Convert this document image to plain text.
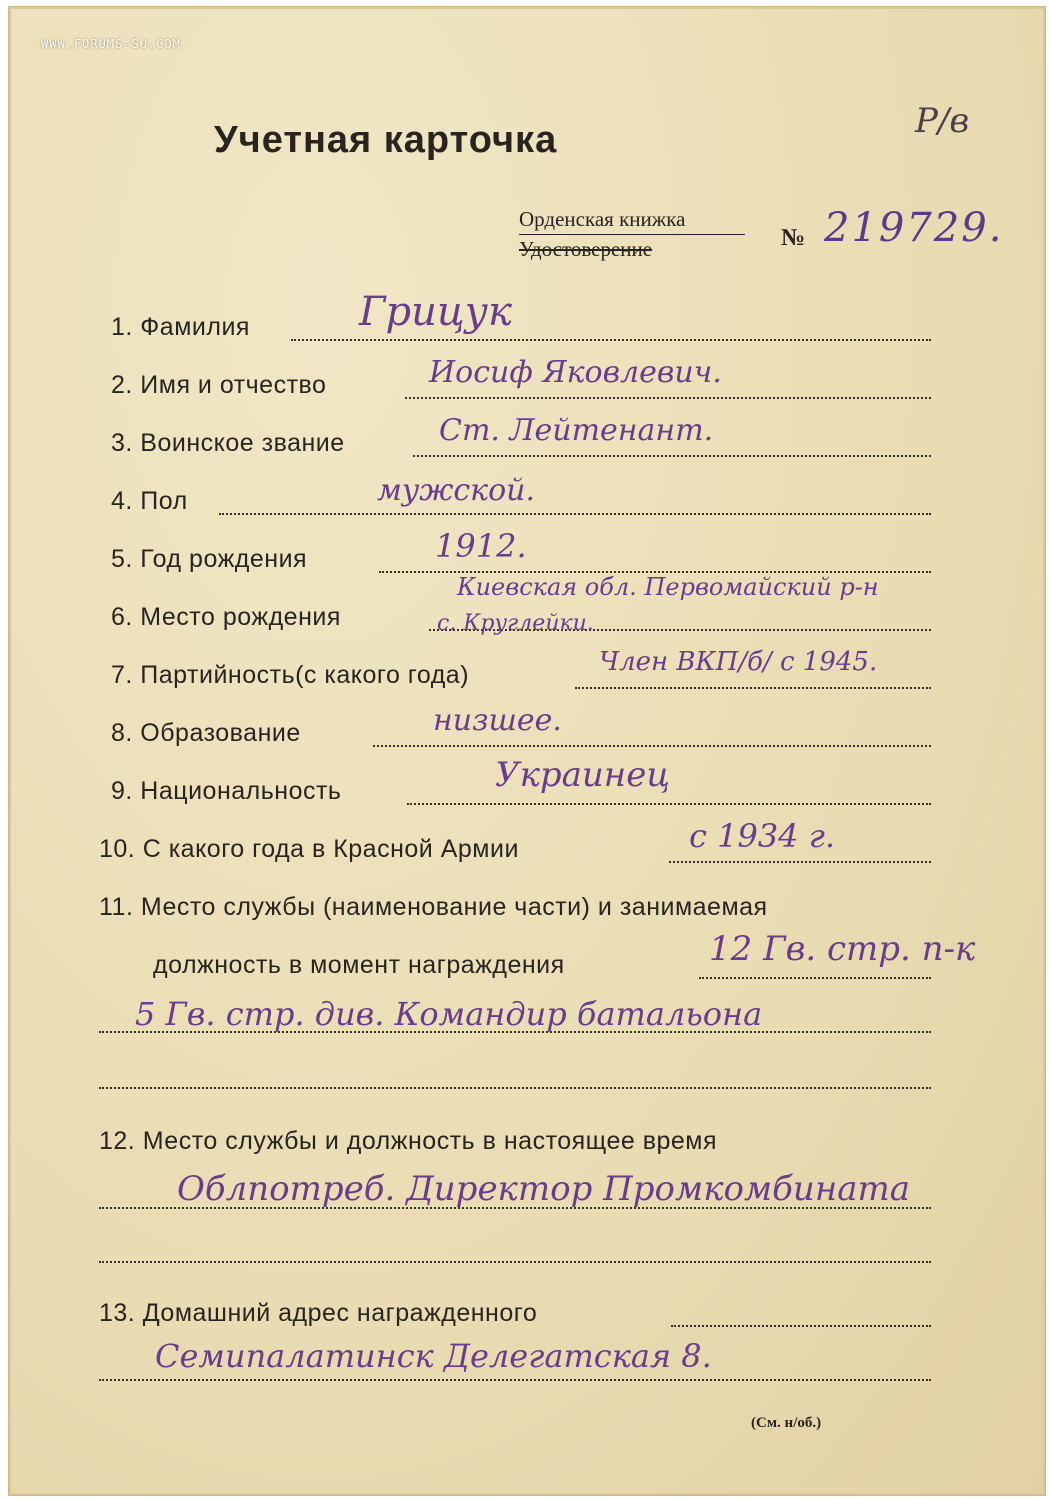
WWW.FORUMS-SU.COM
Р/в
Учетная карточка
Орденская книжка
Удостоверение	№ 219729.
1. Фамилия	Грицук
2. Имя и отчество	Иосиф Яковлевич.
3. Воинское звание	Ст. Лейтенант.
4. Пол	мужской.
5. Год рождения	1912.
6. Место рождения
Киевская обл. Первомайский р-н
с. Круглейки.
7. Партийность(с какого года)	Член ВКП/б/ с 1945.
8. Образование	низшее.
9. Национальность	Украинец
10. С какого года в Красной Армии	с 1934 г.
11. Место службы (наименование части) и занимаемая
должность в момент награждения	12 Гв. стр. п-к
5 Гв. стр. див. Командир батальона
12. Место службы и должность в настоящее время
Облпотреб. Директор Промкомбината
13. Домашний адрес награжденного
Семипалатинск Делегатская 8.
(См. н/об.)
